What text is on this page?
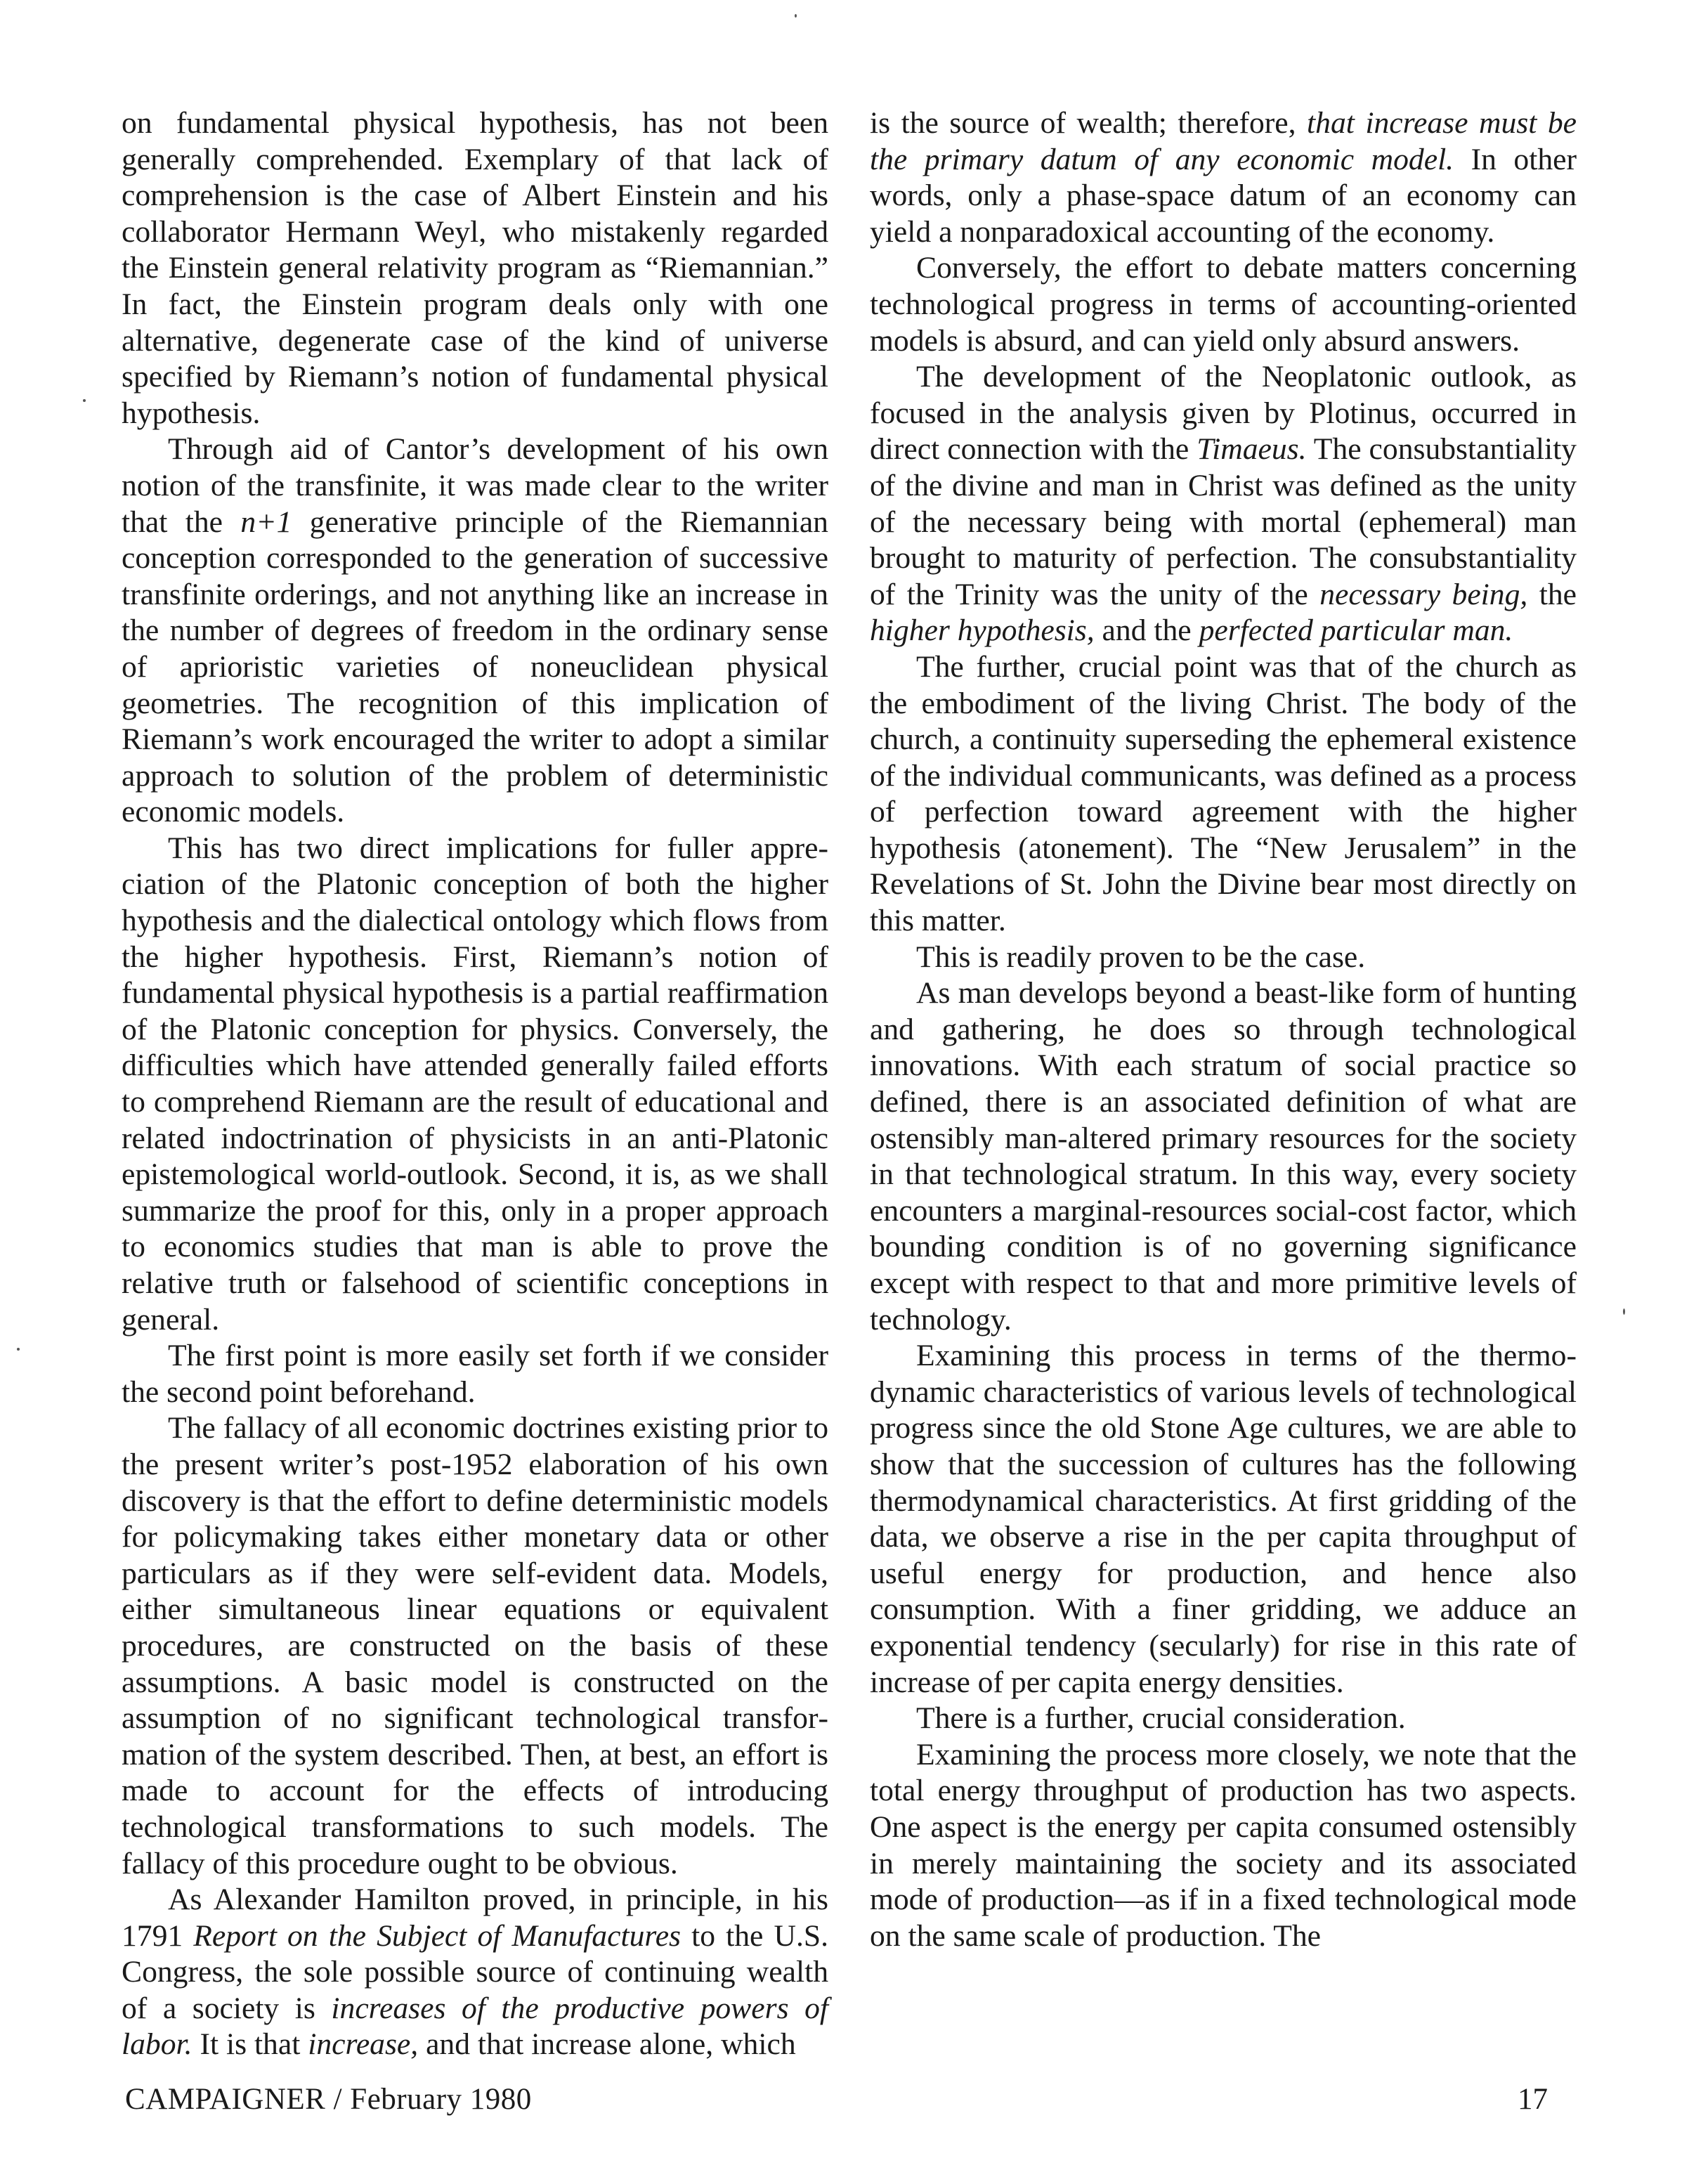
on fundamental physical hypothesis, has not been generally comprehended. Exemplary of that lack of comprehension is the case of Albert Einstein and his collaborator Hermann Weyl, who mistakenly regarded the Einstein general relativity program as “Riemannian.” In fact, the Einstein program deals only with one alternative, degenerate case of the kind of universe specified by Riemann’s notion of fundamental physical hypothesis.

Through aid of Cantor’s development of his own notion of the transfinite, it was made clear to the writer that the n+1 generative principle of the Riemannian conception corresponded to the generation of successive transfinite orderings, and not anything like an increase in the number of degrees of freedom in the ordinary sense of aprioristic varieties of noneuclidean physical geometries. The recognition of this implication of Riemann’s work encouraged the writer to adopt a similar approach to solution of the problem of deterministic economic models.

This has two direct implications for fuller appreciation of the Platonic conception of both the higher hypothesis and the dialectical ontology which flows from the higher hypothesis. First, Riemann’s notion of fundamental physical hypothesis is a partial reaffirmation of the Platonic conception for physics. Conversely, the difficulties which have attended generally failed efforts to comprehend Riemann are the result of educational and related indoctrination of physicists in an anti-Platonic epistemological world-outlook. Second, it is, as we shall summarize the proof for this, only in a proper approach to economics studies that man is able to prove the relative truth or falsehood of scientific conceptions in general.

The first point is more easily set forth if we consider the second point beforehand.

The fallacy of all economic doctrines existing prior to the present writer’s post-1952 elaboration of his own discovery is that the effort to define deterministic models for policymaking takes either monetary data or other particulars as if they were self-evident data. Models, either simultaneous linear equations or equivalent procedures, are constructed on the basis of these assumptions. A basic model is constructed on the assumption of no significant technological transformation of the system described. Then, at best, an effort is made to account for the effects of introducing technological transformations to such models. The fallacy of this procedure ought to be obvious.

As Alexander Hamilton proved, in principle, in his 1791 Report on the Subject of Manufactures to the U.S. Congress, the sole possible source of continuing wealth of a society is increases of the productive powers of labor. It is that increase, and that increase alone, which

is the source of wealth; therefore, that increase must be the primary datum of any economic model. In other words, only a phase-space datum of an economy can yield a nonparadoxical accounting of the economy.

Conversely, the effort to debate matters concerning technological progress in terms of accounting-oriented models is absurd, and can yield only absurd answers.

The development of the Neoplatonic outlook, as focused in the analysis given by Plotinus, occurred in direct connection with the Timaeus. The consubstantiality of the divine and man in Christ was defined as the unity of the necessary being with mortal (ephemeral) man brought to maturity of perfection. The consubstantiality of the Trinity was the unity of the necessary being, the higher hypothesis, and the perfected particular man.

The further, crucial point was that of the church as the embodiment of the living Christ. The body of the church, a continuity superseding the ephemeral existence of the individual communicants, was defined as a process of perfection toward agreement with the higher hypothesis (atonement). The “New Jerusalem” in the Revelations of St. John the Divine bear most directly on this matter.

This is readily proven to be the case.

As man develops beyond a beast-like form of hunting and gathering, he does so through technological innovations. With each stratum of social practice so defined, there is an associated definition of what are ostensibly man-altered primary resources for the society in that technological stratum. In this way, every society encounters a marginal-resources social-cost factor, which bounding condition is of no governing significance except with respect to that and more primitive levels of technology.

Examining this process in terms of the thermodynamic characteristics of various levels of technological progress since the old Stone Age cultures, we are able to show that the succession of cultures has the following thermodynamical characteristics. At first gridding of the data, we observe a rise in the per capita throughput of useful energy for production, and hence also consumption. With a finer gridding, we adduce an exponential tendency (secularly) for rise in this rate of increase of per capita energy densities.

There is a further, crucial consideration.

Examining the process more closely, we note that the total energy throughput of production has two aspects. One aspect is the energy per capita consumed ostensibly in merely maintaining the society and its associated mode of production—as if in a fixed technological mode on the same scale of production. The

CAMPAIGNER / February 1980	17
